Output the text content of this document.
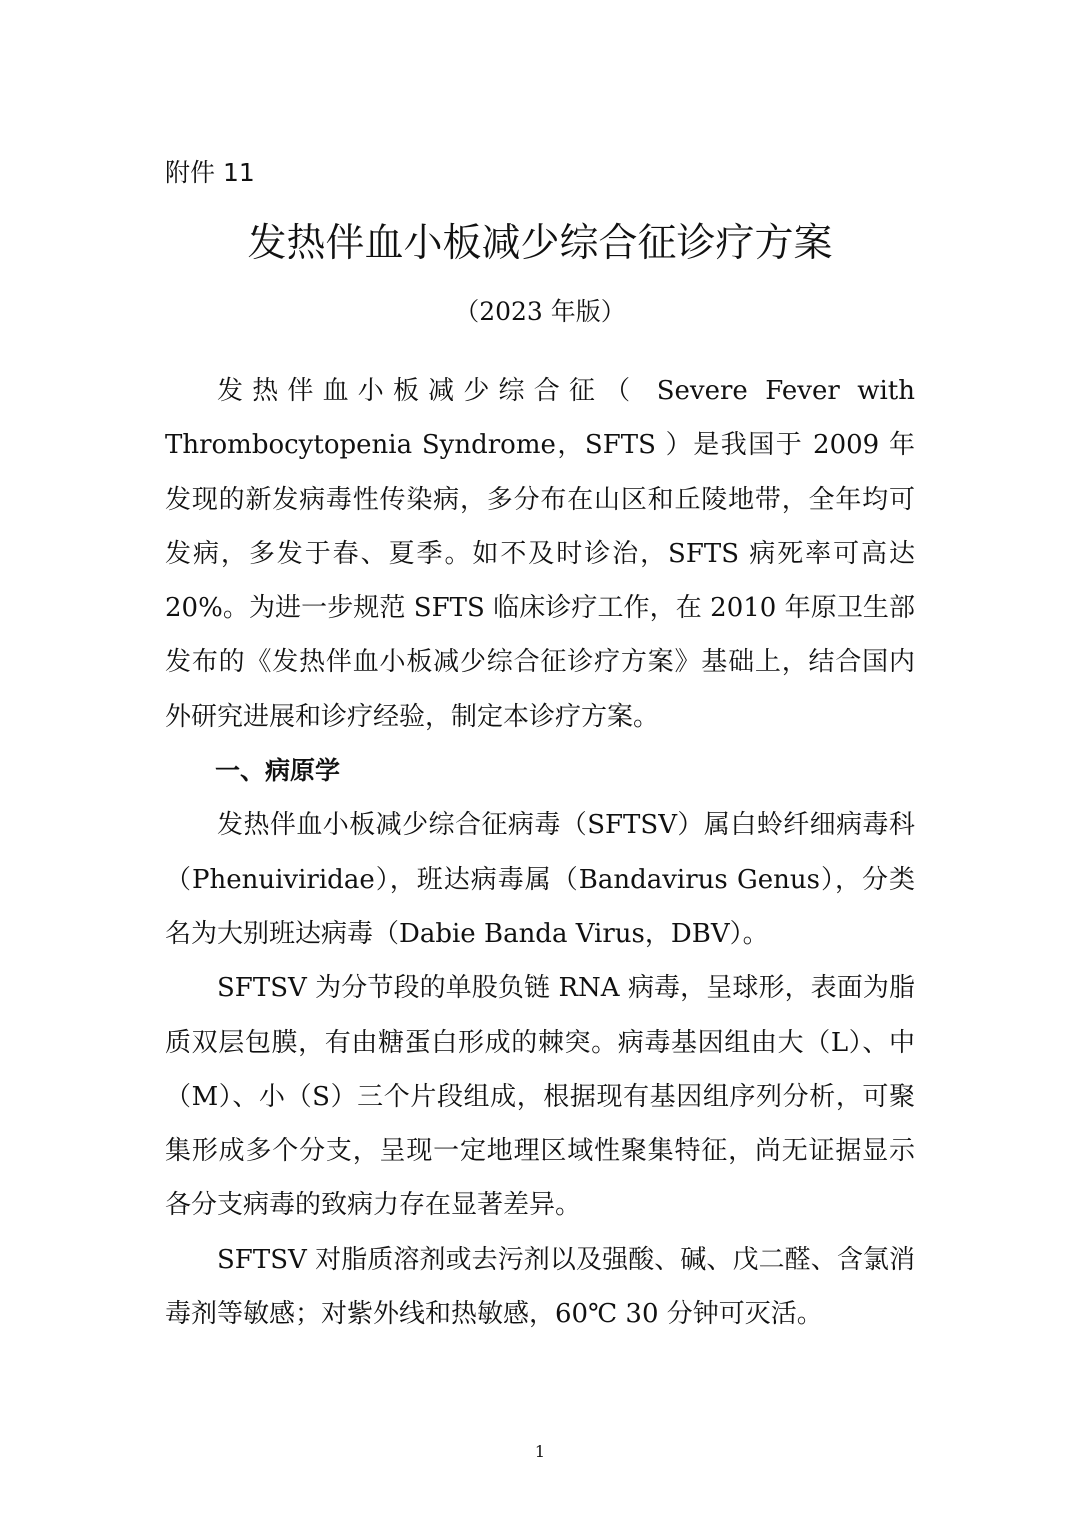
附件 11
发热伴血小板减少综合征诊疗方案
（2023 年版）

发热伴血小板减少综合征（ Severe Fever with Thrombocytopenia Syndrome，SFTS ）是我国于 2009 年发现的新发病毒性传染病，多分布在山区和丘陵地带，全年均可发病，多发于春、夏季。如不及时诊治，SFTS 病死率可高达 20%。为进一步规范 SFTS 临床诊疗工作，在 2010 年原卫生部发布的《发热伴血小板减少综合征诊疗方案》基础上，结合国内外研究进展和诊疗经验，制定本诊疗方案。

一、病原学

发热伴血小板减少综合征病毒（SFTSV）属白蛉纤细病毒科（Phenuiviridae），班达病毒属（Bandavirus Genus），分类名为大别班达病毒（Dabie Banda Virus，DBV）。

SFTSV 为分节段的单股负链 RNA 病毒，呈球形，表面为脂质双层包膜，有由糖蛋白形成的棘突。病毒基因组由大（L）、中（M）、小（S）三个片段组成，根据现有基因组序列分析，可聚集形成多个分支，呈现一定地理区域性聚集特征，尚无证据显示各分支病毒的致病力存在显著差异。

SFTSV 对脂质溶剂或去污剂以及强酸、碱、戊二醛、含氯消毒剂等敏感；对紫外线和热敏感，60℃ 30 分钟可灭活。

1
